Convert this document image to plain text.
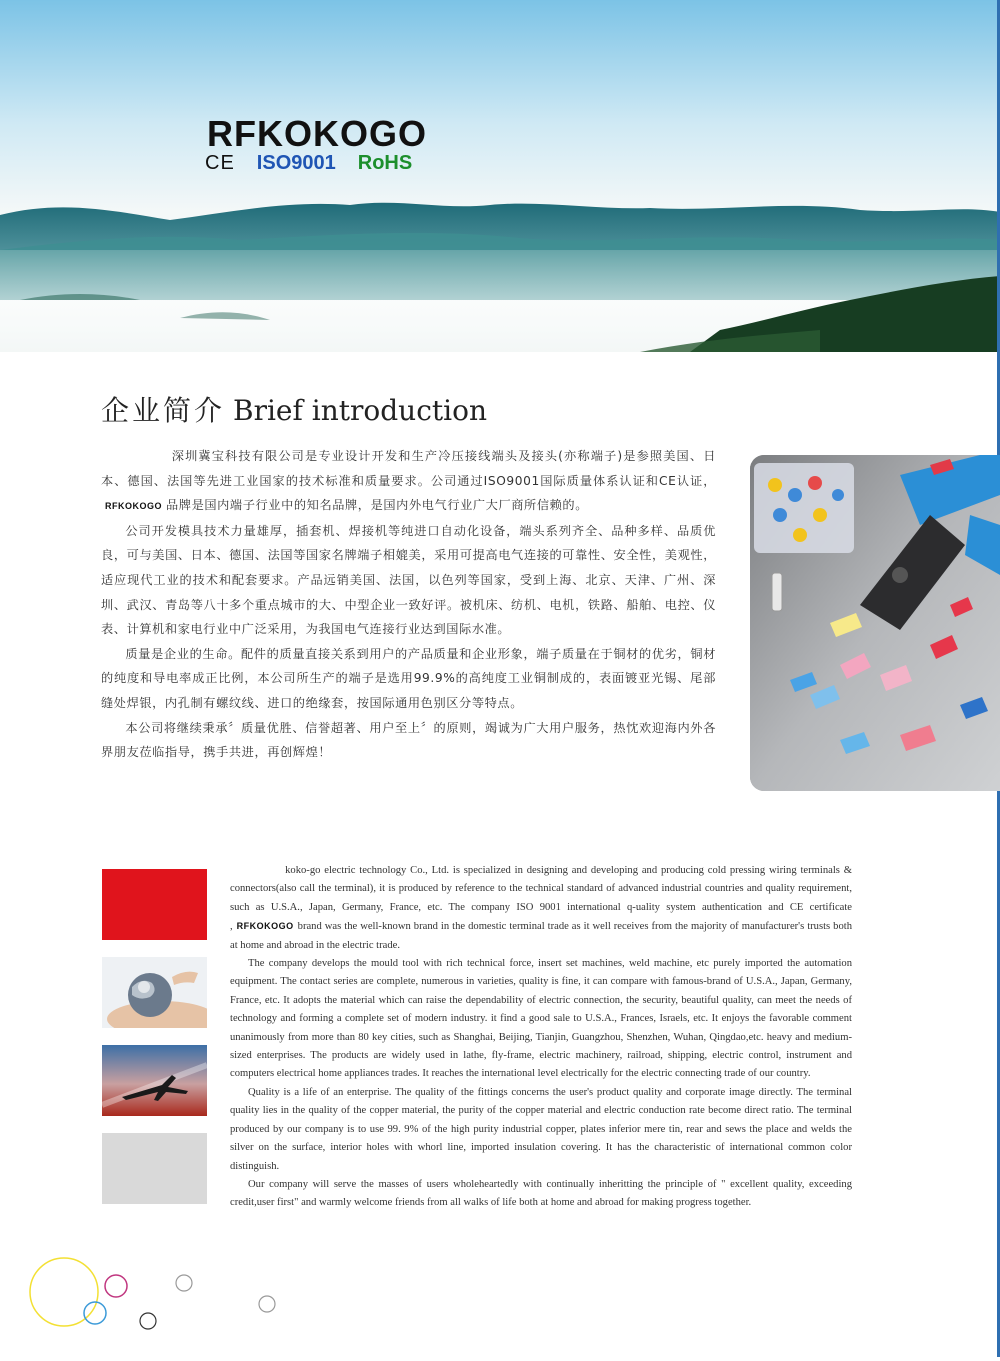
RFKOKOGO
CE ISO9001 RoHS
企业简介 Brief introduction

深圳冀宝科技有限公司是专业设计开发和生产冷压接线端头及接头(亦称端子)是参照美国、日本、德国、法国等先进工业国家的技术标准和质量要求。公司通过ISO9001国际质量体系认证和CE认证，RFKOKOGO 品牌是国内端子行业中的知名品牌，是国内外电气行业广大厂商所信赖的。

公司开发模具技术力量雄厚，插套机、焊接机等纯进口自动化设备，端头系列齐全、品种多样、品质优良，可与美国、日本、德国、法国等国家名牌端子相媲美，采用可提高电气连接的可靠性、安全性，美观性，适应现代工业的技术和配套要求。产品远销美国、法国，以色列等国家，受到上海、北京、天津、广州、深圳、武汉、青岛等八十多个重点城市的大、中型企业一致好评。被机床、纺机、电机，铁路、船舶、电控、仪表、计算机和家电行业中广泛采用，为我国电气连接行业达到国际水准。

质量是企业的生命。配件的质量直接关系到用户的产品质量和企业形象，端子质量在于铜材的优劣，铜材的纯度和导电率成正比例，本公司所生产的端子是选用99.9%的高纯度工业铜制成的，表面镀亚光锡、尾部缝处焊银，内孔制有螺纹线、进口的绝缘套，按国际通用色别区分等特点。

本公司将继续秉承〞质量优胜、信誉超著、用户至上〞的原则，竭诚为广大用户服务，热忱欢迎海内外各界朋友莅临指导，携手共进，再创辉煌！

koko-go electric technology Co., Ltd. is specialized in designing and developing and producing cold pressing wiring terminals & connectors(also call the terminal), it is produced by reference to the technical standard of advanced industrial countries and quality requirement, such as U.S.A., Japan, Germany, France, etc. The company ISO 9001 international q-uality system authentication and CE certificate , RFKOKOGO brand was the well-known brand in the domestic terminal trade as it well receives from the majority of manufacturer's trusts both at home and abroad in the electric trade.

The company develops the mould tool with rich technical force, insert set machines, weld machine, etc purely imported the automation equipment. The contact series are complete, numerous in varieties, quality is fine, it can compare with famous-brand of U.S.A., Japan, Germany, France, etc. It adopts the material which can raise the dependability of electric connection, the security, beautiful quality, can meet the needs of technology and forming a complete set of modern industry. it find a good sale to U.S.A., Frances, Israels, etc. It enjoys the favorable comment unanimously from more than 80 key cities, such as Shanghai, Beijing, Tianjin, Guangzhou, Shenzhen, Wuhan, Qingdao,etc. heavy and medium-sized enterprises. The products are widely used in lathe, fly-frame, electric machinery, railroad, shipping, electric control, instrument and computers electrical home appliances trades. It reaches the international level electrically for the electric connecting trade of our country.

Quality is a life of an enterprise. The quality of the fittings concerns the user's product quality and corporate image directly. The terminal quality lies in the quality of the copper material, the purity of the copper material and electric conduction rate become direct ratio. The terminal produced by our company is to use 99. 9% of the high purity industrial copper, plates inferior mere tin, rear and sews the place and welds the silver on the surface, interior holes with whorl line, imported insulation covering. It has the characteristic of international common color distinguish.

Our company will serve the masses of users wholeheartedly with continually inheritting the principle of " excellent quality, exceeding credit,user first" and warmly welcome friends from all walks of life both at home and abroad for making progress together.
